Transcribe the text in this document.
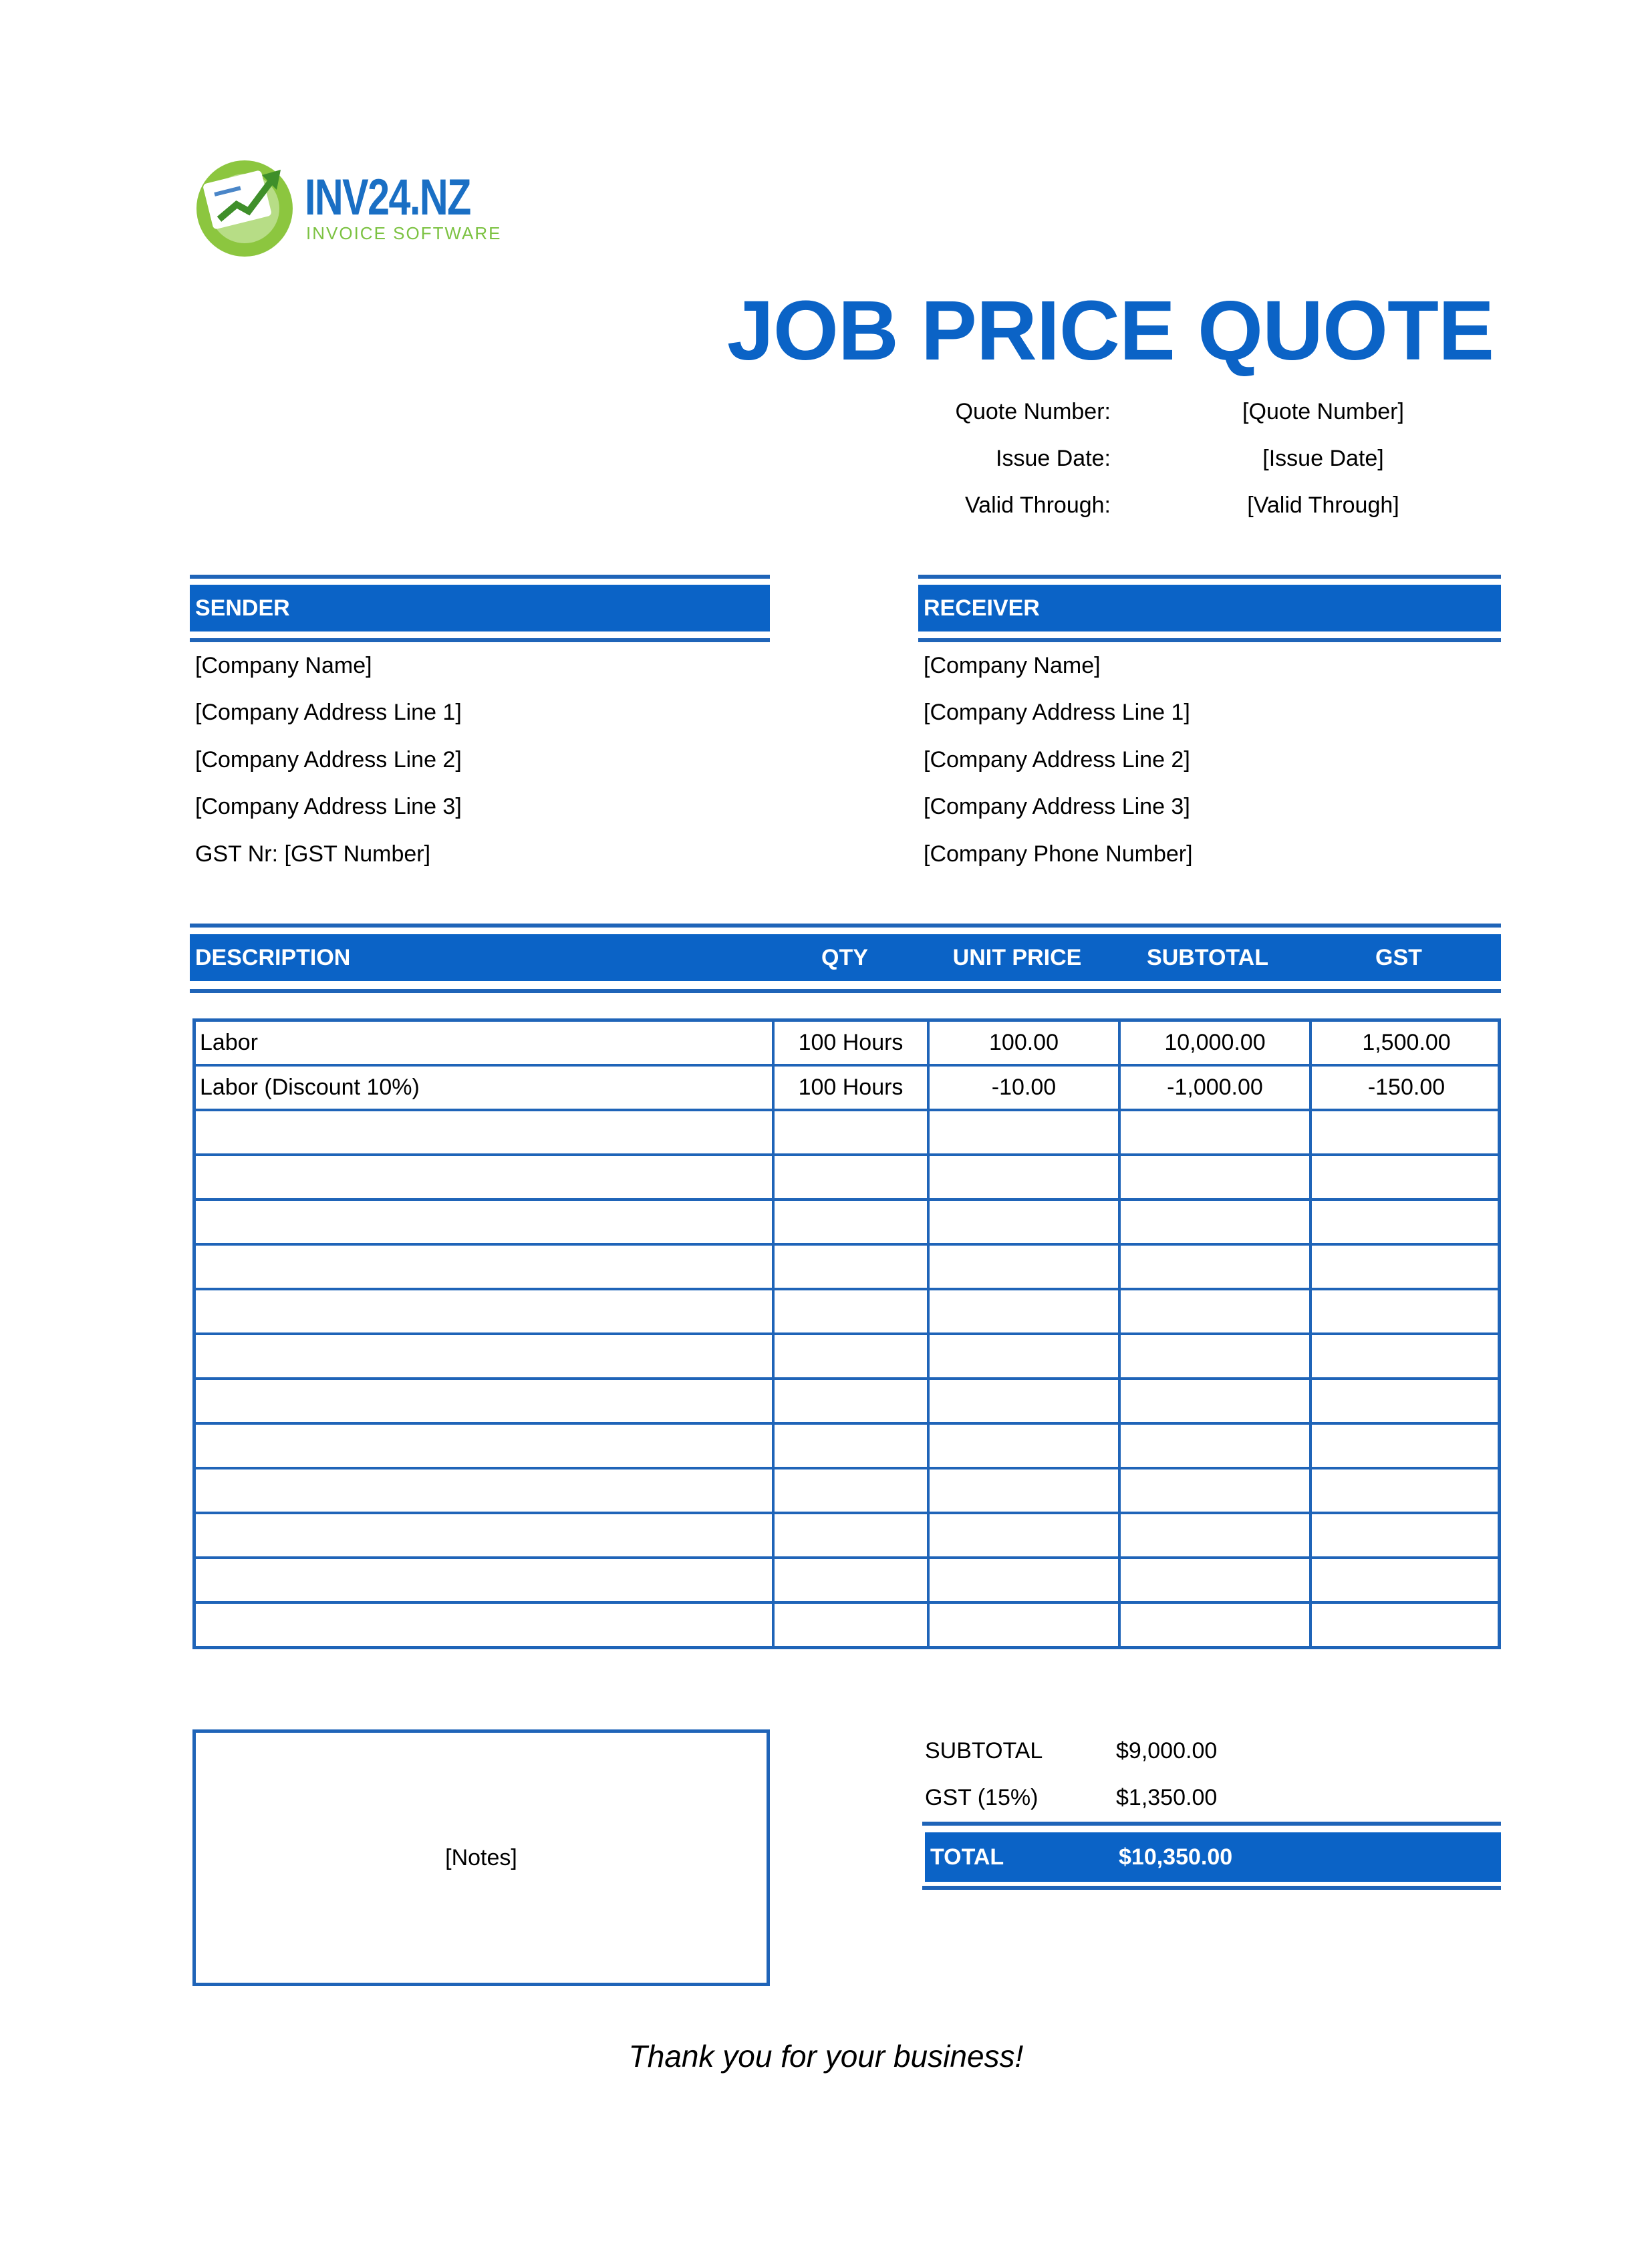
INV24.NZ
INVOICE SOFTWARE
JOB PRICE QUOTE
Quote Number:	[Quote Number]
Issue Date:	[Issue Date]
Valid Through:	[Valid Through]
SENDER
[Company Name]
[Company Address Line 1]
[Company Address Line 2]
[Company Address Line 3]
GST Nr: [GST Number]
RECEIVER
[Company Name]
[Company Address Line 1]
[Company Address Line 2]
[Company Address Line 3]
[Company Phone Number]
DESCRIPTION	QTY	UNIT PRICE	SUBTOTAL	GST
Labor	100 Hours	100.00	10,000.00	1,500.00
Labor (Discount 10%)	100 Hours	-10.00	-1,000.00	-150.00

[Notes]
SUBTOTAL	$9,000.00
GST (15%)	$1,350.00
TOTAL	$10,350.00
Thank you for your business!
